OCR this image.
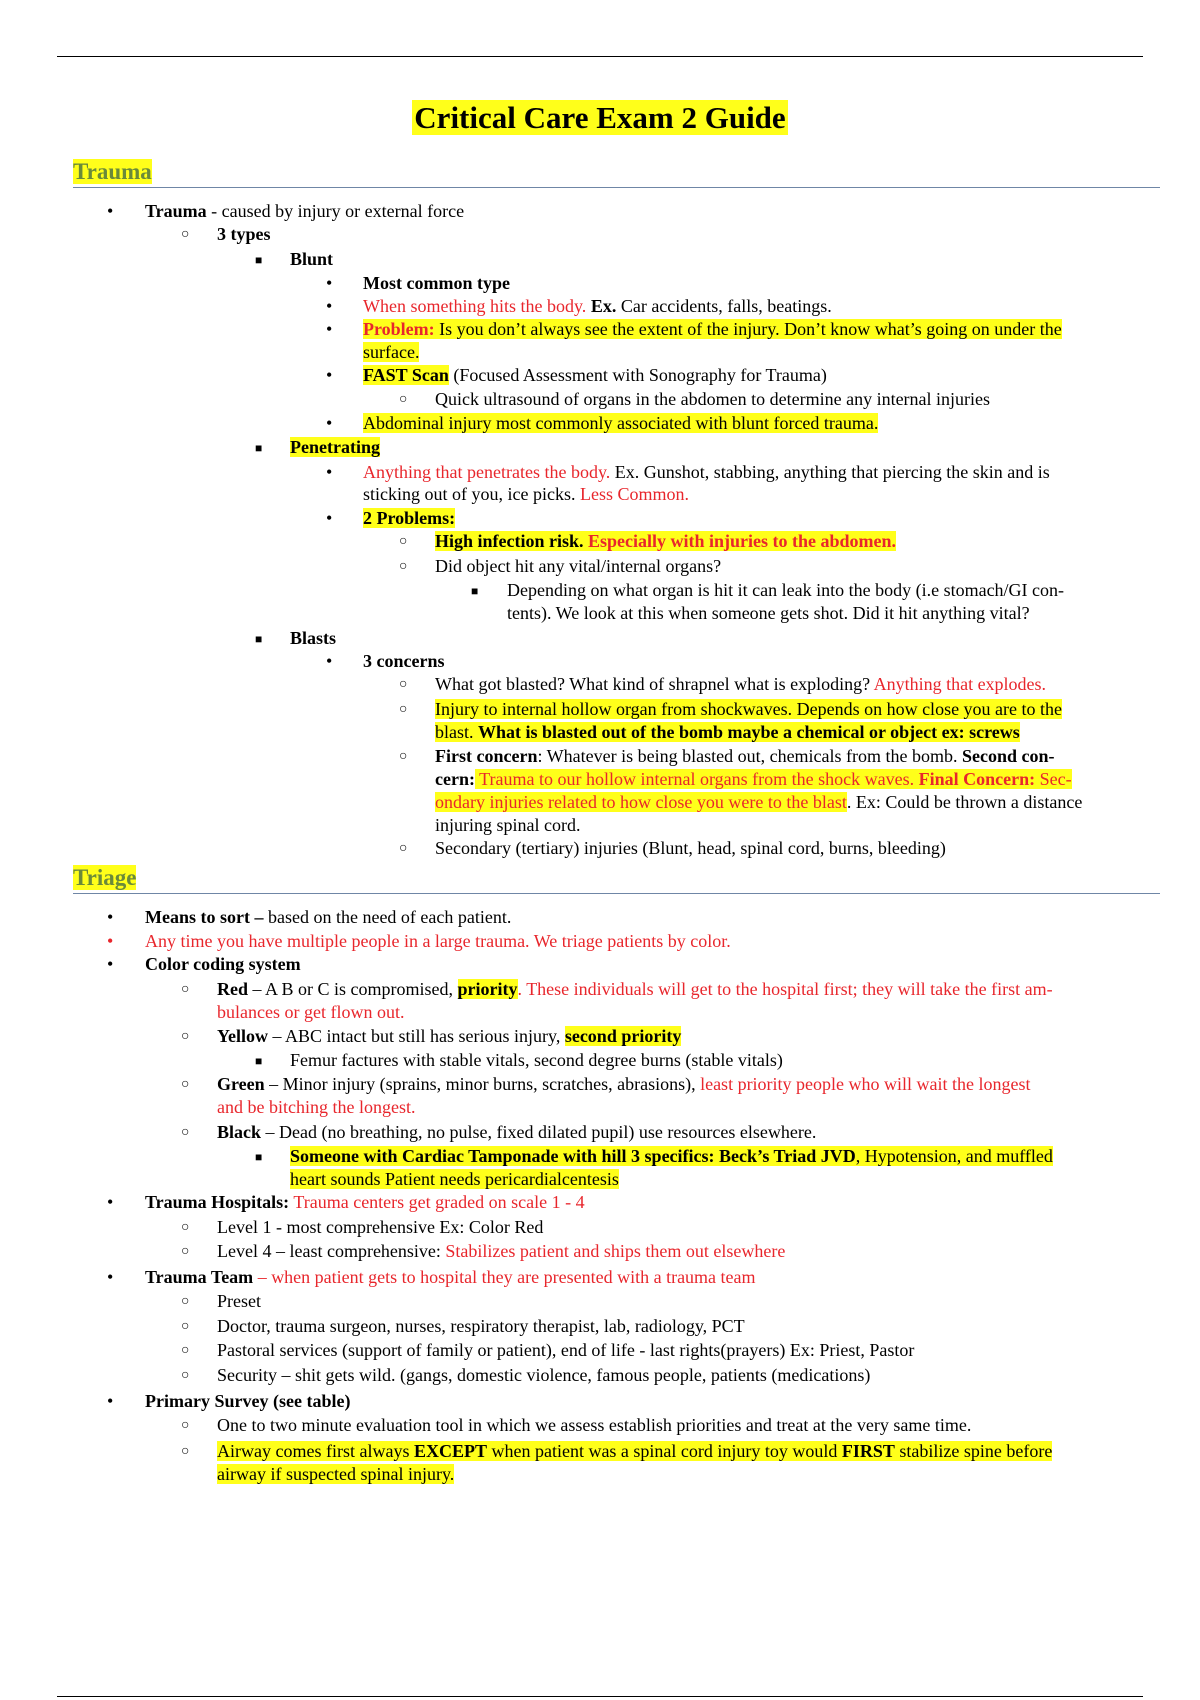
Critical Care Exam 2 Guide
Trauma
• Trauma - caused by injury or external force
○ 3 types
■ Blunt
• Most common type
• When something hits the body. Ex. Car accidents, falls, beatings.
• Problem: Is you don’t always see the extent of the injury. Don’t know what’s going on under the
surface.
• FAST Scan (Focused Assessment with Sonography for Trauma)
○ Quick ultrasound of organs in the abdomen to determine any internal injuries
• Abdominal injury most commonly associated with blunt forced trauma.
■ Penetrating
• Anything that penetrates the body. Ex. Gunshot, stabbing, anything that piercing the skin and is
sticking out of you, ice picks. Less Common.
• 2 Problems:
○ High infection risk. Especially with injuries to the abdomen.
○ Did object hit any vital/internal organs?
■ Depending on what organ is hit it can leak into the body (i.e stomach/GI con-
tents). We look at this when someone gets shot. Did it hit anything vital?
■ Blasts
• 3 concerns
○ What got blasted? What kind of shrapnel what is exploding? Anything that explodes.
○ Injury to internal hollow organ from shockwaves. Depends on how close you are to the
blast. What is blasted out of the bomb maybe a chemical or object ex: screws
○ First concern: Whatever is being blasted out, chemicals from the bomb. Second con-
cern: Trauma to our hollow internal organs from the shock waves. Final Concern: Sec-
ondary injuries related to how close you were to the blast. Ex: Could be thrown a distance
injuring spinal cord.
○ Secondary (tertiary) injuries (Blunt, head, spinal cord, burns, bleeding)
Triage
• Means to sort – based on the need of each patient.
• Any time you have multiple people in a large trauma. We triage patients by color.
• Color coding system
○ Red – A B or C is compromised, priority. These individuals will get to the hospital first; they will take the first am-
bulances or get flown out.
○ Yellow – ABC intact but still has serious injury, second priority
■ Femur factures with stable vitals, second degree burns (stable vitals)
○ Green – Minor injury (sprains, minor burns, scratches, abrasions), least priority people who will wait the longest
and be bitching the longest.
○ Black – Dead (no breathing, no pulse, fixed dilated pupil) use resources elsewhere.
■ Someone with Cardiac Tamponade with hill 3 specifics: Beck’s Triad JVD, Hypotension, and muffled
heart sounds Patient needs pericardialcentesis
• Trauma Hospitals: Trauma centers get graded on scale 1 - 4
○ Level 1 - most comprehensive Ex: Color Red
○ Level 4 – least comprehensive: Stabilizes patient and ships them out elsewhere
• Trauma Team – when patient gets to hospital they are presented with a trauma team
○ Preset
○ Doctor, trauma surgeon, nurses, respiratory therapist, lab, radiology, PCT
○ Pastoral services (support of family or patient), end of life - last rights(prayers) Ex: Priest, Pastor
○ Security – shit gets wild. (gangs, domestic violence, famous people, patients (medications)
• Primary Survey (see table)
○ One to two minute evaluation tool in which we assess establish priorities and treat at the very same time.
○ Airway comes first always EXCEPT when patient was a spinal cord injury toy would FIRST stabilize spine before
airway if suspected spinal injury.
